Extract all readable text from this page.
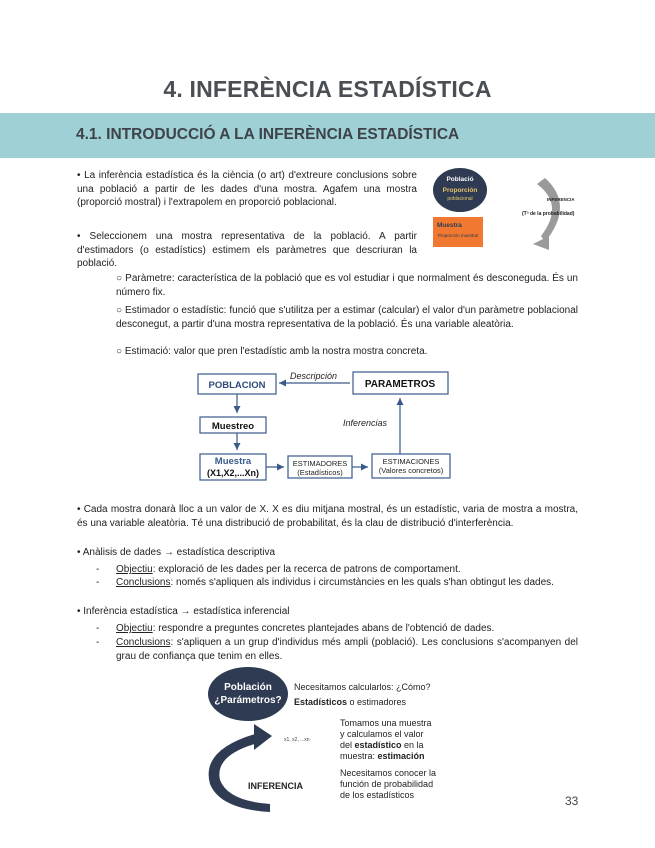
4. INFERÈNCIA ESTADÍSTICA
4.1. INTRODUCCIÓ A LA INFERÈNCIA ESTADÍSTICA
• La inferència estadística és la ciència (o art) d'extreure conclusions sobre una població a partir de les dades d'una mostra. Agafem una mostra (proporció mostral) i l'extrapolem en proporció poblacional.
Població
Proporción
poblacional
Muestra
Proporción muestral
INFERENCIA
(Tª de la probabilidad)
• Seleccionem una mostra representativa de la població. A partir d'estimadors (o estadístics) estimem els paràmetres que descriuran la població.
○ Paràmetre: característica de la població que es vol estudiar i que normalment és desconeguda. És un número fix.
○ Estimador o estadístic: funció que s'utilitza per a estimar (calcular) el valor d'un paràmetre poblacional desconegut, a partir d'una mostra representativa de la població. És una variable aleatòria.
○ Estimació: valor que pren l'estadístic amb la nostra mostra concreta.
POBLACION	PARAMETROS
Descripción
Muestreo
Muestra
(X1,X2,...Xn)
ESTIMADORES
(Estadísticos)
ESTIMACIONES
(Valores concretos)
Inferencias
• Cada mostra donarà lloc a un valor de X. X es diu mitjana mostral, és un estadístic, varia de mostra a mostra, és una variable aleatòria. Té una distribució de probabilitat, és la clau de distribució d'interferència.
• Anàlisis de dades → estadística descriptiva
- Objectiu: exploració de les dades per la recerca de patrons de comportament.
- Conclusions: només s'apliquen als individus i circumstàncies en les quals s'han obtingut les dades.
• Inferència estadística → estadística inferencial
- Objectiu: respondre a preguntes concretes plantejades abans de l'obtenció de dades.
- Conclusions: s'apliquen a un grup d'individus més ampli (població). Les conclusions s'acompanyen del grau de confiança que tenim en elles.
Población
¿Parámetros?
Necesitamos calcularlos: ¿Cómo?
Estadísticos o estimadores
x1, x2, ...xn
Tomamos una muestra
y calculamos el valor
del estadístico en la
muestra: estimación
Necesitamos conocer la
función de probabilidad
de los estadísticos
INFERENCIA
33
